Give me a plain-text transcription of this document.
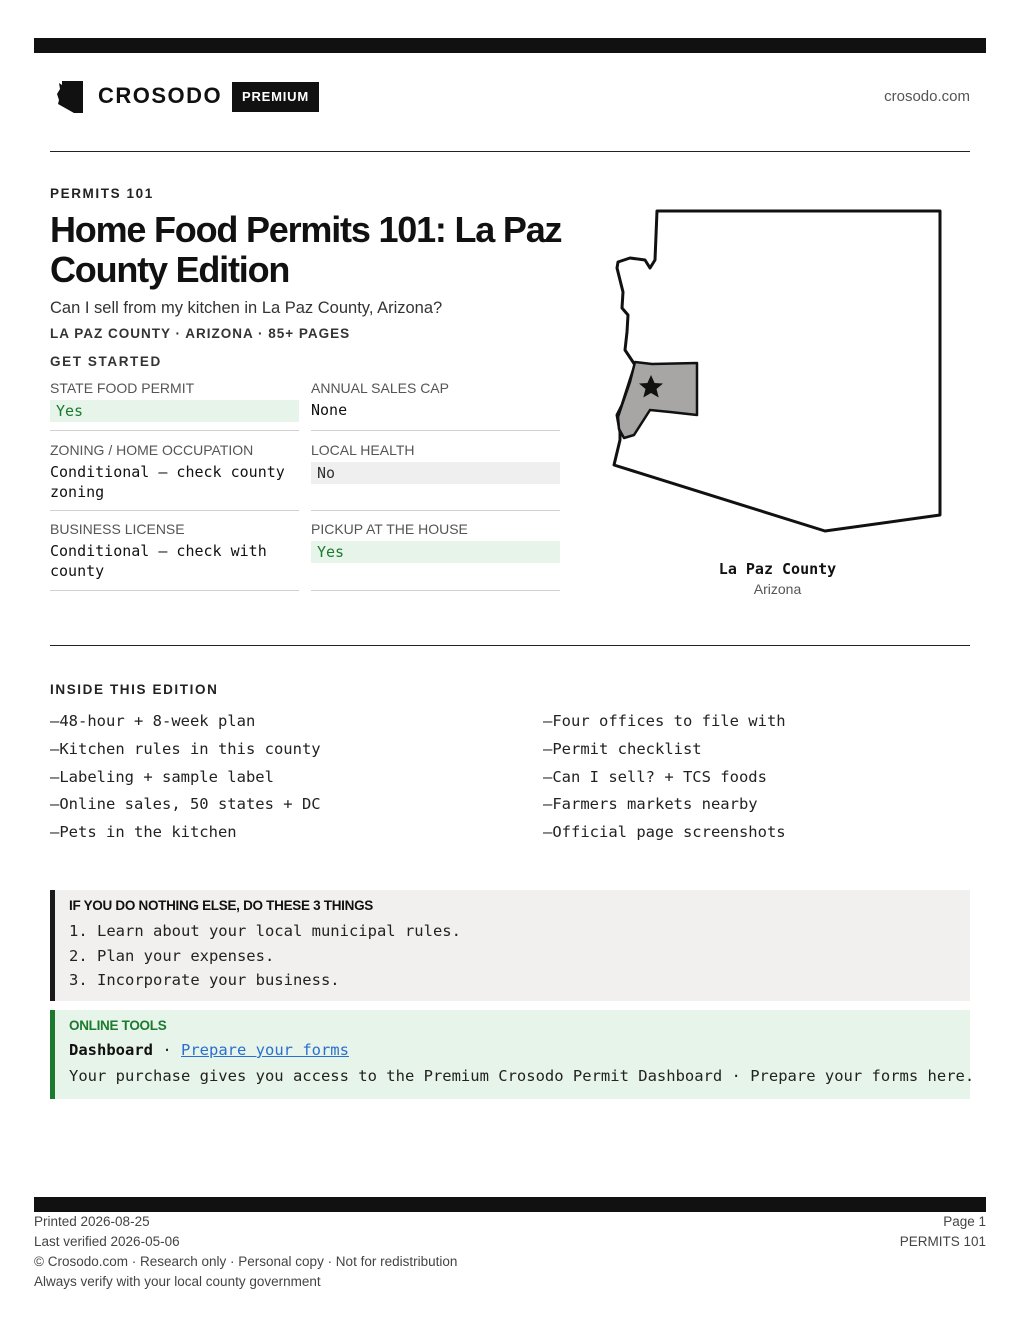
CROSODO	PREMIUM	crosodo.com
PERMITS 101
Home Food Permits 101: La Paz County Edition
Can I sell from my kitchen in La Paz County, Arizona?
LA PAZ COUNTY · ARIZONA · 85+ PAGES
GET STARTED
STATE FOOD PERMIT
Yes
ANNUAL SALES CAP
None
ZONING / HOME OCCUPATION
Conditional — check county zoning
LOCAL HEALTH
No
BUSINESS LICENSE
Conditional — check with county
PICKUP AT THE HOUSE
Yes
La Paz County
Arizona
INSIDE THIS EDITION
—48-hour + 8-week plan
—Kitchen rules in this county
—Labeling + sample label
—Online sales, 50 states + DC
—Pets in the kitchen
—Four offices to file with
—Permit checklist
—Can I sell? + TCS foods
—Farmers markets nearby
—Official page screenshots
IF YOU DO NOTHING ELSE, DO THESE 3 THINGS
1. Learn about your local municipal rules.
2. Plan your expenses.
3. Incorporate your business.
ONLINE TOOLS
Dashboard · Prepare your forms
Your purchase gives you access to the Premium Crosodo Permit Dashboard · Prepare your forms here.
Printed 2026-08-25
Last verified 2026-05-06
© Crosodo.com · Research only · Personal copy · Not for redistribution
Always verify with your local county government
Page 1
PERMITS 101
